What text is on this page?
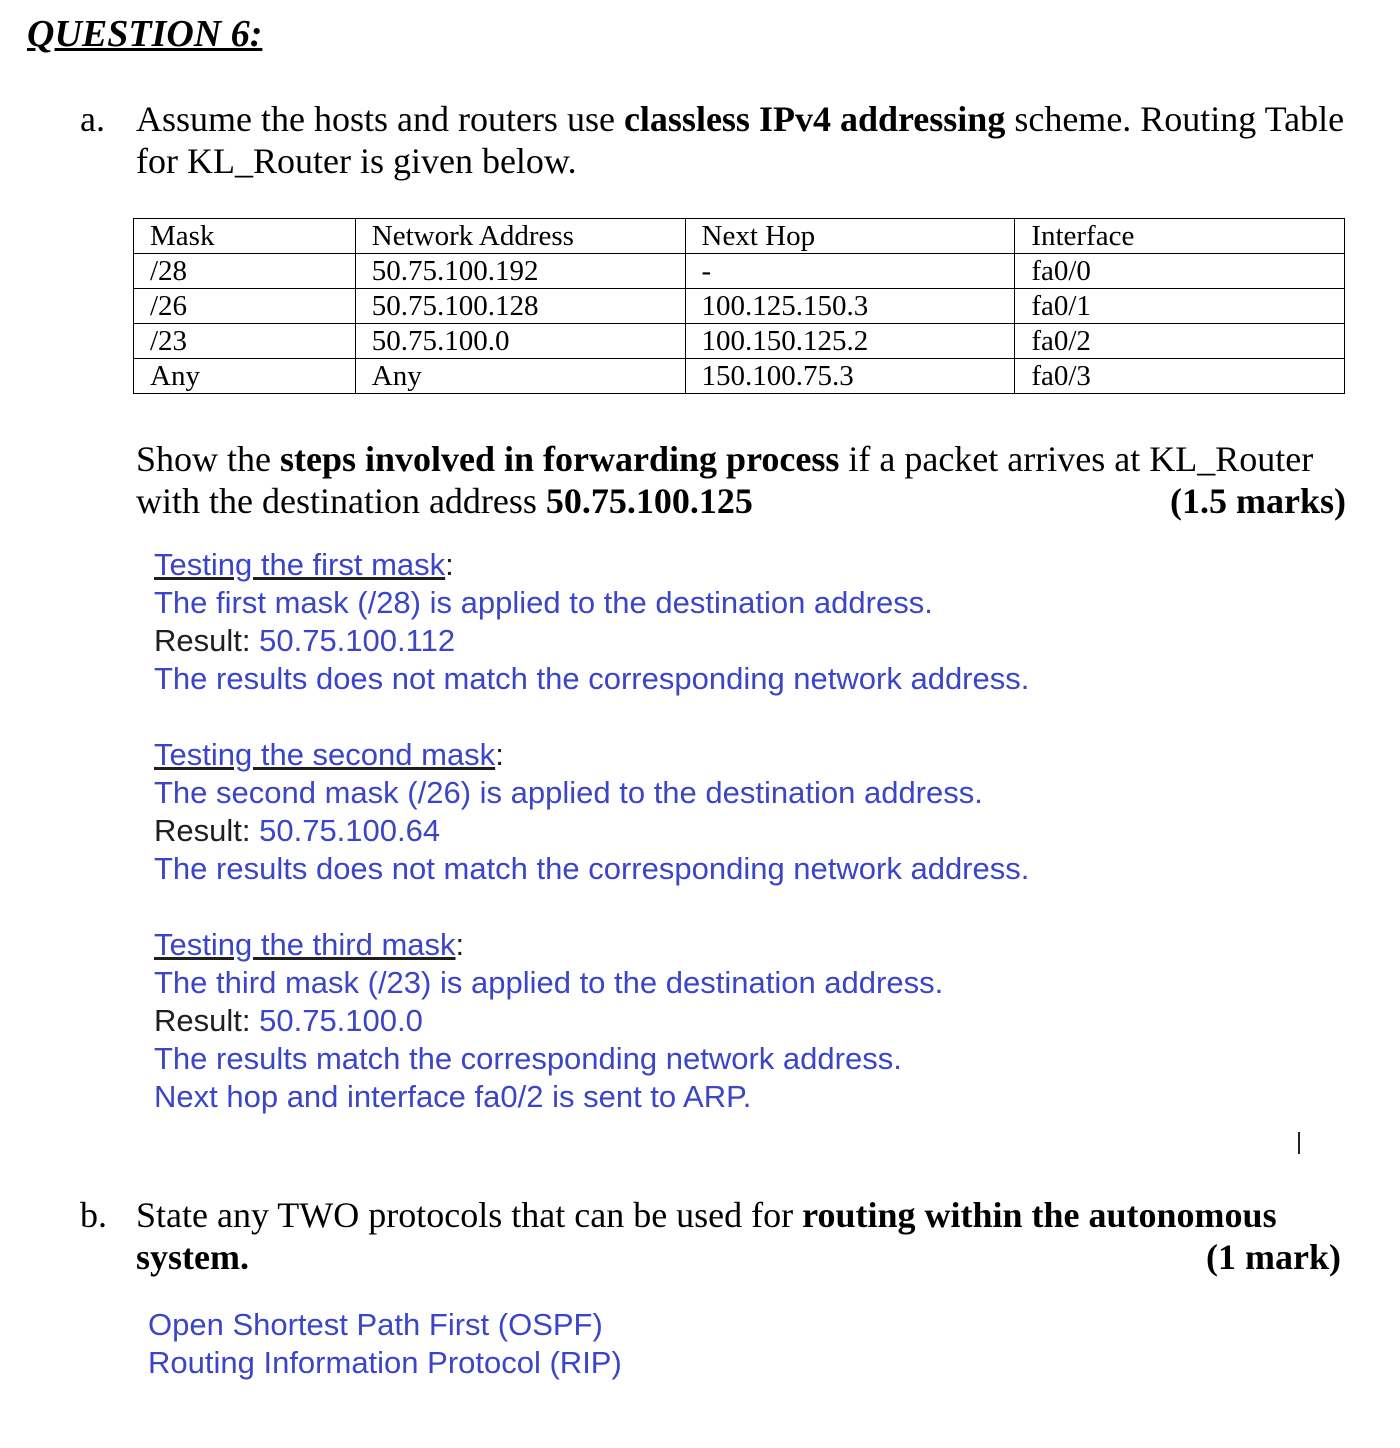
QUESTION 6:
a. Assume the hosts and routers use classless IPv4 addressing scheme. Routing Table
for KL_Router is given below.
Mask	Network Address	Next Hop	Interface
/28	50.75.100.192	-	fa0/0
/26	50.75.100.128	100.125.150.3	fa0/1
/23	50.75.100.0	100.150.125.2	fa0/2
Any	Any	150.100.75.3	fa0/3
Show the steps involved in forwarding process if a packet arrives at KL_Router
with the destination address 50.75.100.125	(1.5 marks)
Testing the first mask:
The first mask (/28) is applied to the destination address.
Result: 50.75.100.112
The results does not match the corresponding network address.
Testing the second mask:
The second mask (/26) is applied to the destination address.
Result: 50.75.100.64
The results does not match the corresponding network address.
Testing the third mask:
The third mask (/23) is applied to the destination address.
Result: 50.75.100.0
The results match the corresponding network address.
Next hop and interface fa0/2 is sent to ARP.
b. State any TWO protocols that can be used for routing within the autonomous
system.	(1 mark)
Open Shortest Path First (OSPF)
Routing Information Protocol (RIP)
